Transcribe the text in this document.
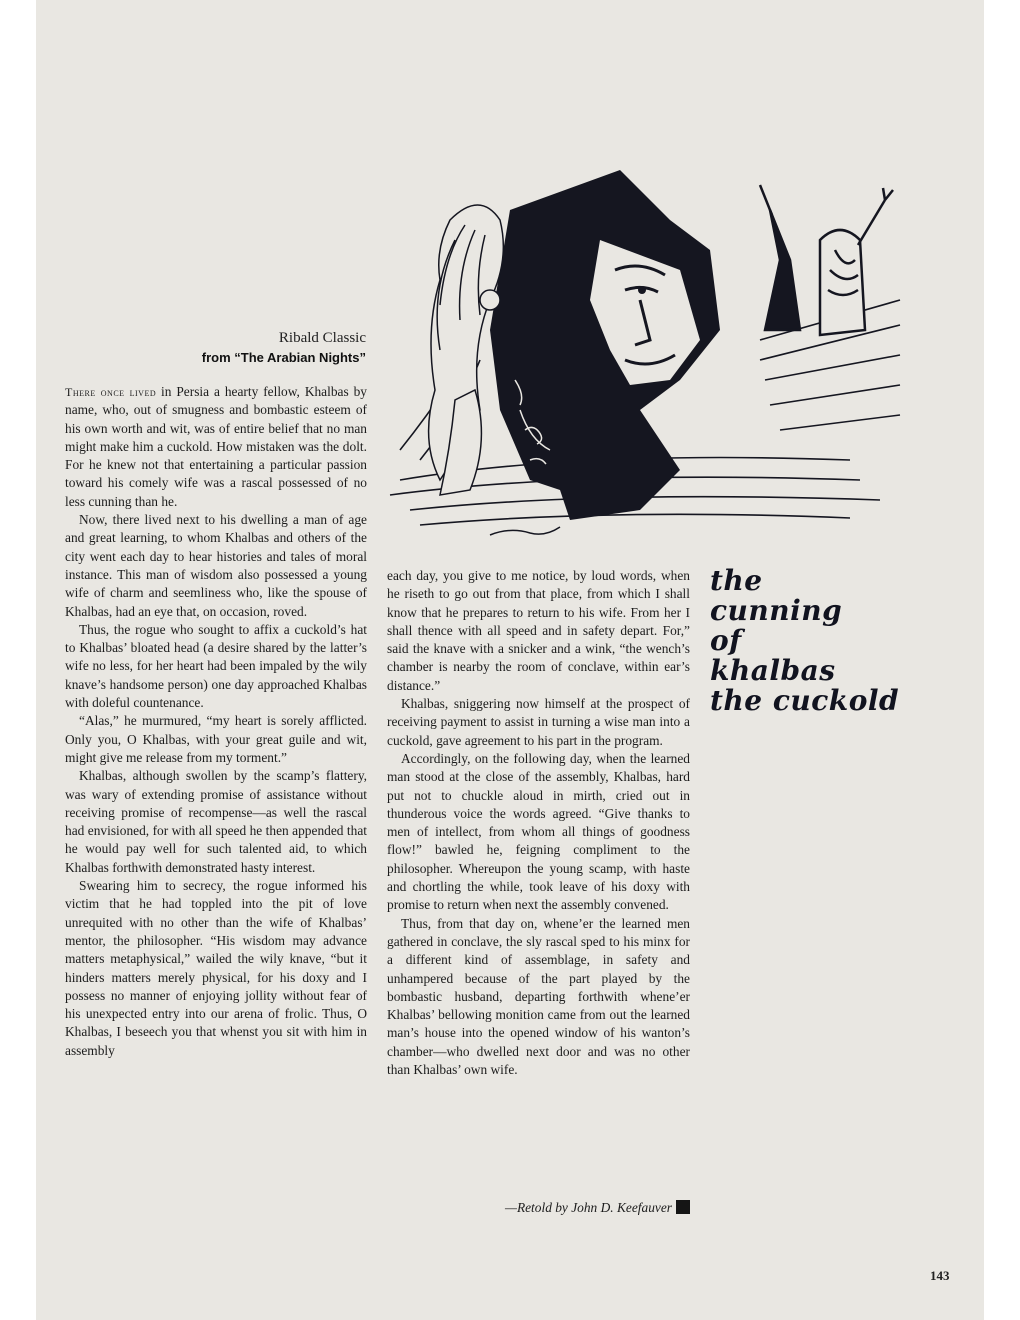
Ribald Classic
from “The Arabian Nights”

There once lived in Persia a hearty fellow, Khalbas by name, who, out of smugness and bombastic esteem of his own worth and wit, was of entire belief that no man might make him a cuckold. How mistaken was the dolt. For he knew not that entertaining a particular passion toward his comely wife was a rascal possessed of no less cunning than he.

Now, there lived next to his dwelling a man of age and great learning, to whom Khalbas and others of the city went each day to hear histories and tales of moral instance. This man of wisdom also possessed a young wife of charm and seemliness who, like the spouse of Khalbas, had an eye that, on occasion, roved.

Thus, the rogue who sought to affix a cuckold’s hat to Khalbas’ bloated head (a desire shared by the latter’s wife no less, for her heart had been impaled by the wily knave’s handsome person) one day approached Khalbas with doleful countenance.

“Alas,” he murmured, “my heart is sorely afflicted. Only you, O Khalbas, with your great guile and wit, might give me release from my torment.”

Khalbas, although swollen by the scamp’s flattery, was wary of extending promise of assistance without receiving promise of recompense—as well the rascal had envisioned, for with all speed he then appended that he would pay well for such talented aid, to which Khalbas forthwith demonstrated hasty interest.

Swearing him to secrecy, the rogue informed his victim that he had toppled into the pit of love unrequited with no other than the wife of Khalbas’ mentor, the philosopher. “His wisdom may advance matters metaphysical,” wailed the wily knave, “but it hinders matters merely physical, for his doxy and I possess no manner of enjoying jollity without fear of his unexpected entry into our arena of frolic. Thus, O Khalbas, I beseech you that whenst you sit with him in assembly

each day, you give to me notice, by loud words, when he riseth to go out from that place, from which I shall know that he prepares to return to his wife. From her I shall thence with all speed and in safety depart. For,” said the knave with a snicker and a wink, “the wench’s chamber is nearby the room of conclave, within ear’s distance.”

Khalbas, sniggering now himself at the prospect of receiving payment to assist in turning a wise man into a cuckold, gave agreement to his part in the program.

Accordingly, on the following day, when the learned man stood at the close of the assembly, Khalbas, hard put not to chuckle aloud in mirth, cried out in thunderous voice the words agreed. “Give thanks to men of intellect, from whom all things of goodness flow!” bawled he, feigning compliment to the philosopher. Whereupon the young scamp, with haste and chortling the while, took leave of his doxy with promise to return when next the assembly convened.

Thus, from that day on, whene’er the learned men gathered in conclave, the sly rascal sped to his minx for a different kind of assemblage, in safety and unhampered because of the part played by the bombastic husband, departing forthwith whene’er Khalbas’ bellowing monition came from out the learned man’s house into the opened window of his wanton’s chamber—who dwelled next door and was no other than Khalbas’ own wife.

the
cunning
of
khalbas
the cuckold
—Retold by John D. Keefauver
143
